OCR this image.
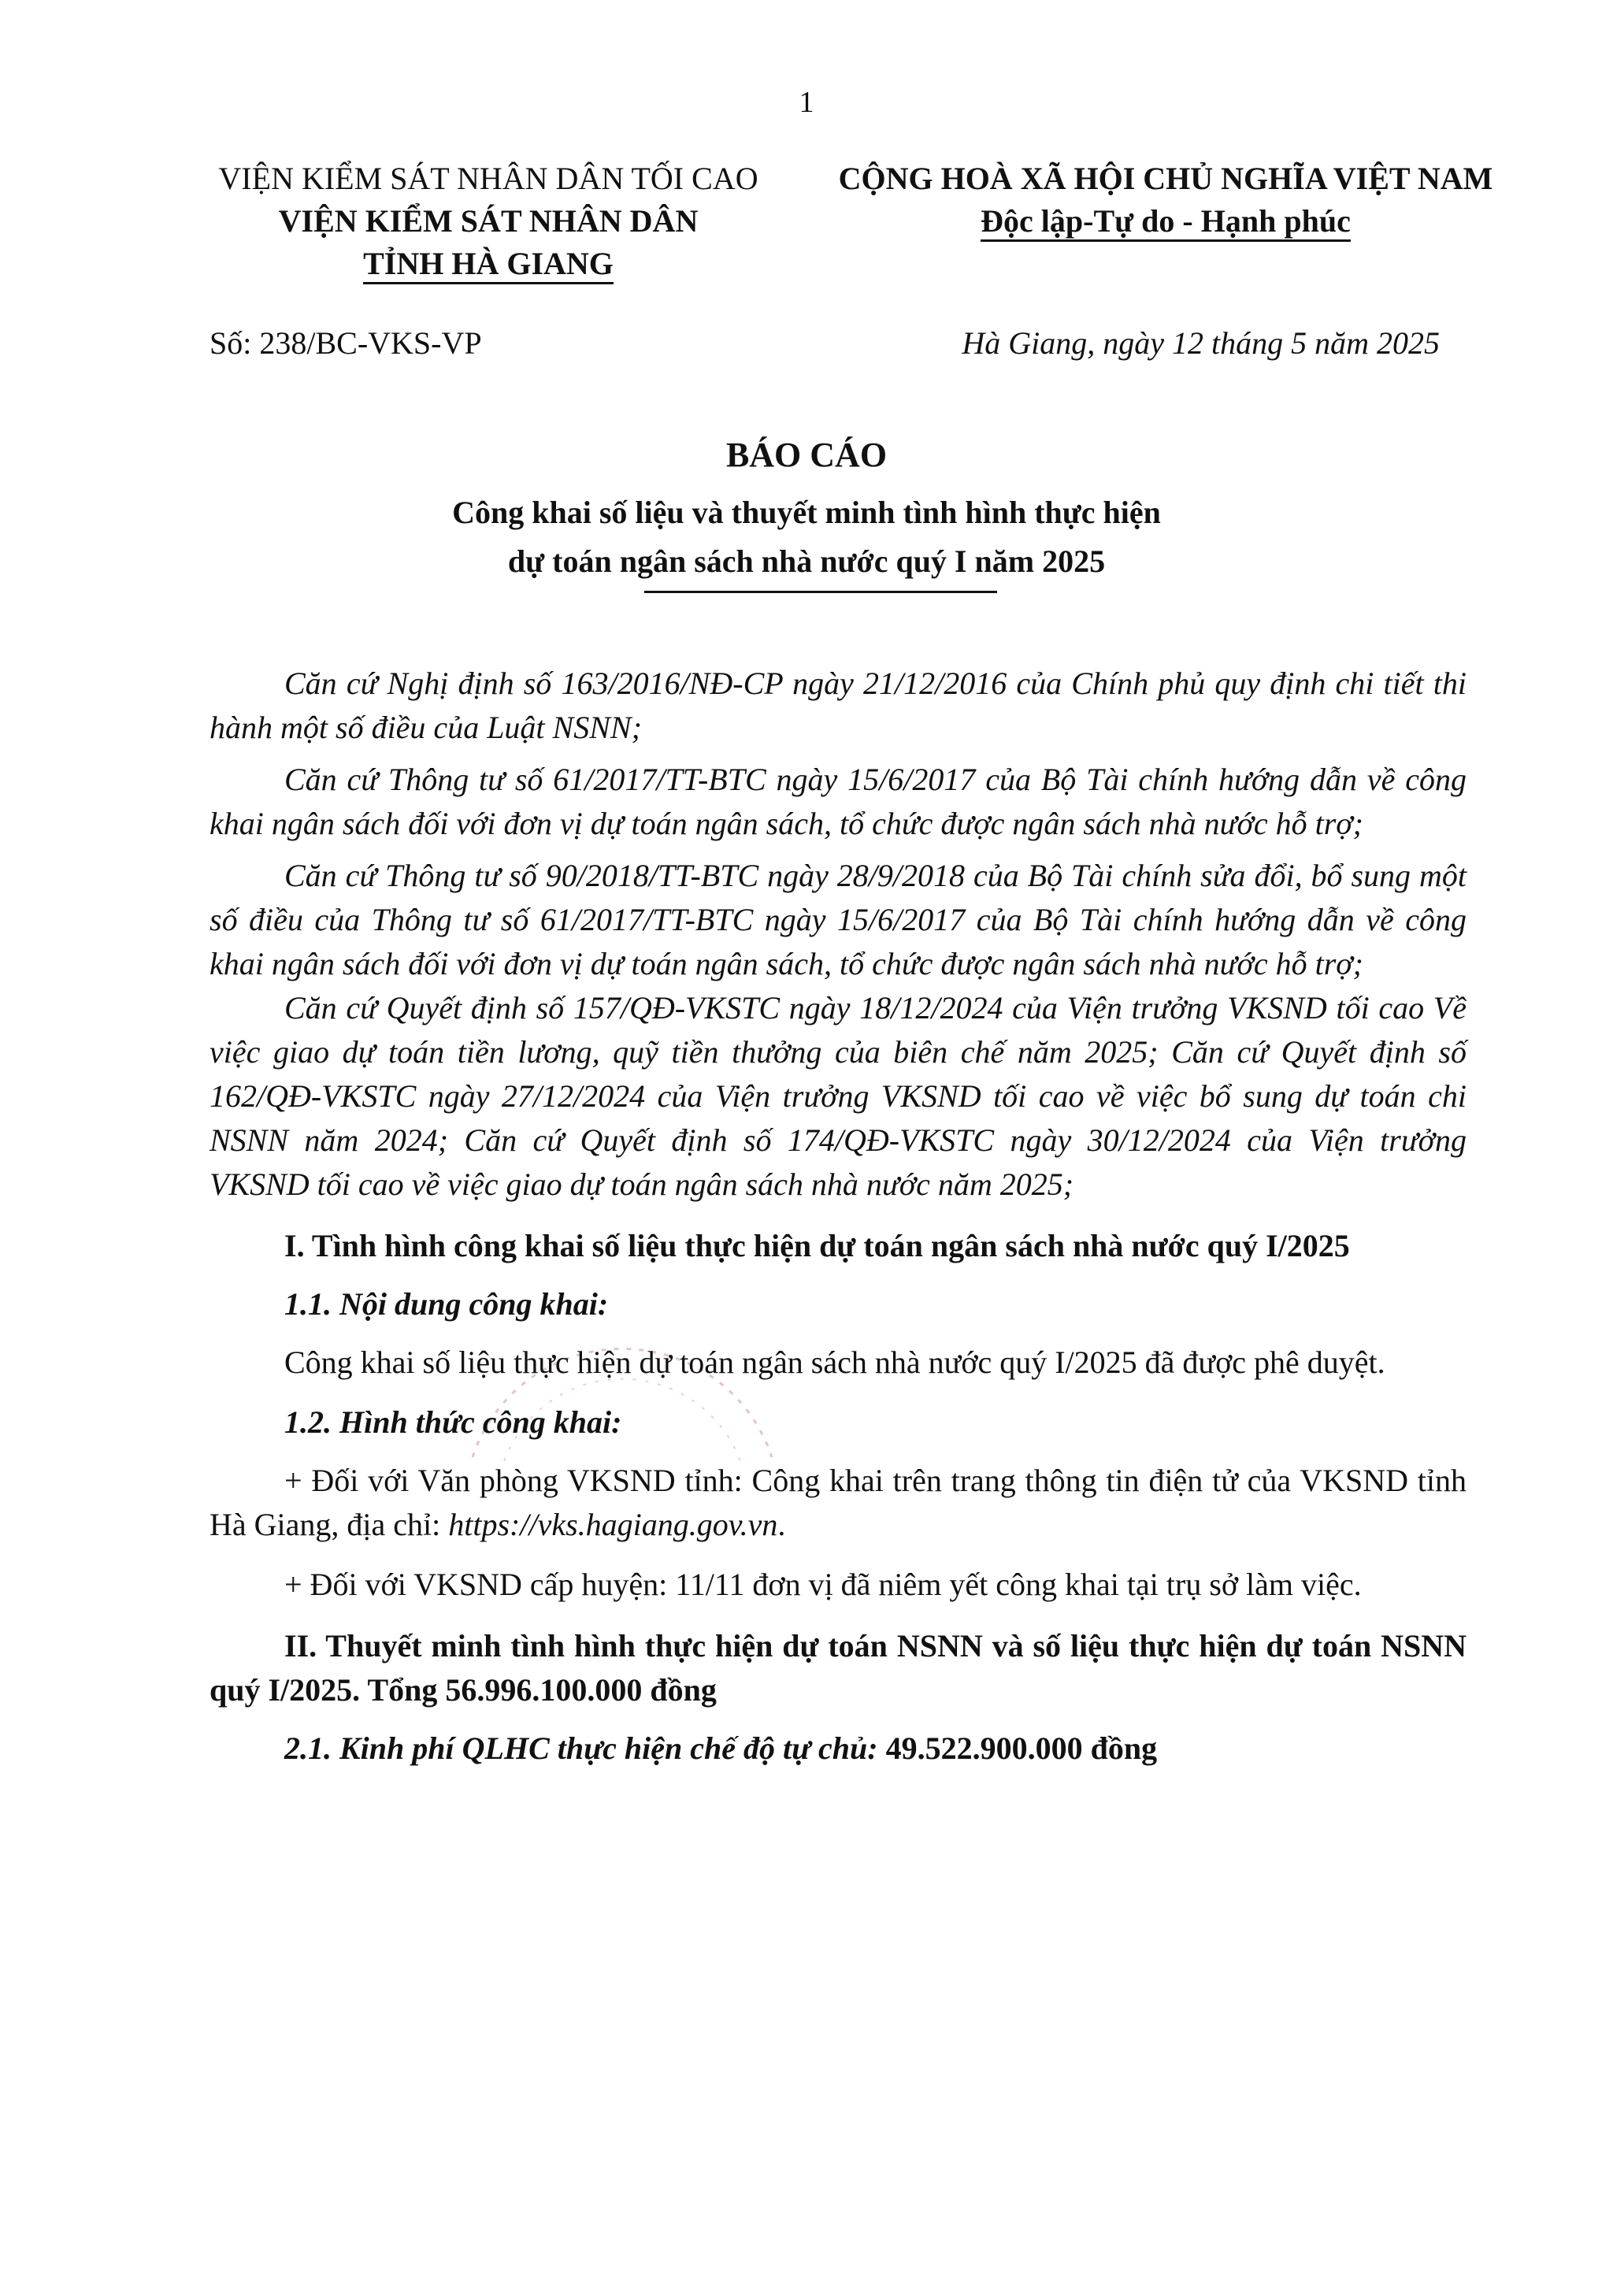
1
VIỆN KIỂM SÁT NHÂN DÂN TỐI CAO
VIỆN KIỂM SÁT NHÂN DÂN
TỈNH HÀ GIANG
CỘNG HOÀ XÃ HỘI CHỦ NGHĨA VIỆT NAM
Độc lập-Tự do - Hạnh phúc
Số: 238/BC-VKS-VP	Hà Giang, ngày 12 tháng 5 năm 2025
BÁO CÁO
Công khai số liệu và thuyết minh tình hình thực hiện
dự toán ngân sách nhà nước quý I năm 2025

Căn cứ Nghị định số 163/2016/NĐ-CP ngày 21/12/2016 của Chính phủ quy định chi tiết thi hành một số điều của Luật NSNN;

Căn cứ Thông tư số 61/2017/TT-BTC ngày 15/6/2017 của Bộ Tài chính hướng dẫn về công khai ngân sách đối với đơn vị dự toán ngân sách, tổ chức được ngân sách nhà nước hỗ trợ;

Căn cứ Thông tư số 90/2018/TT-BTC ngày 28/9/2018 của Bộ Tài chính sửa đổi, bổ sung một số điều của Thông tư số 61/2017/TT-BTC ngày 15/6/2017 của Bộ Tài chính hướng dẫn về công khai ngân sách đối với đơn vị dự toán ngân sách, tổ chức được ngân sách nhà nước hỗ trợ;

Căn cứ Quyết định số 157/QĐ-VKSTC ngày 18/12/2024 của Viện trưởng VKSND tối cao Về việc giao dự toán tiền lương, quỹ tiền thưởng của biên chế năm 2025; Căn cứ Quyết định số 162/QĐ-VKSTC ngày 27/12/2024 của Viện trưởng VKSND tối cao về việc bổ sung dự toán chi NSNN năm 2024; Căn cứ Quyết định số 174/QĐ-VKSTC ngày 30/12/2024 của Viện trưởng VKSND tối cao về việc giao dự toán ngân sách nhà nước năm 2025;

I. Tình hình công khai số liệu thực hiện dự toán ngân sách nhà nước quý I/2025

1.1. Nội dung công khai:

Công khai số liệu thực hiện dự toán ngân sách nhà nước quý I/2025 đã được phê duyệt.

1.2. Hình thức công khai:

+ Đối với Văn phòng VKSND tỉnh: Công khai trên trang thông tin điện tử của VKSND tỉnh Hà Giang, địa chỉ: https://vks.hagiang.gov.vn.

+ Đối với VKSND cấp huyện: 11/11 đơn vị đã niêm yết công khai tại trụ sở làm việc.

II. Thuyết minh tình hình thực hiện dự toán NSNN và số liệu thực hiện dự toán NSNN quý I/2025. Tổng 56.996.100.000 đồng

2.1. Kinh phí QLHC thực hiện chế độ tự chủ: 49.522.900.000 đồng
